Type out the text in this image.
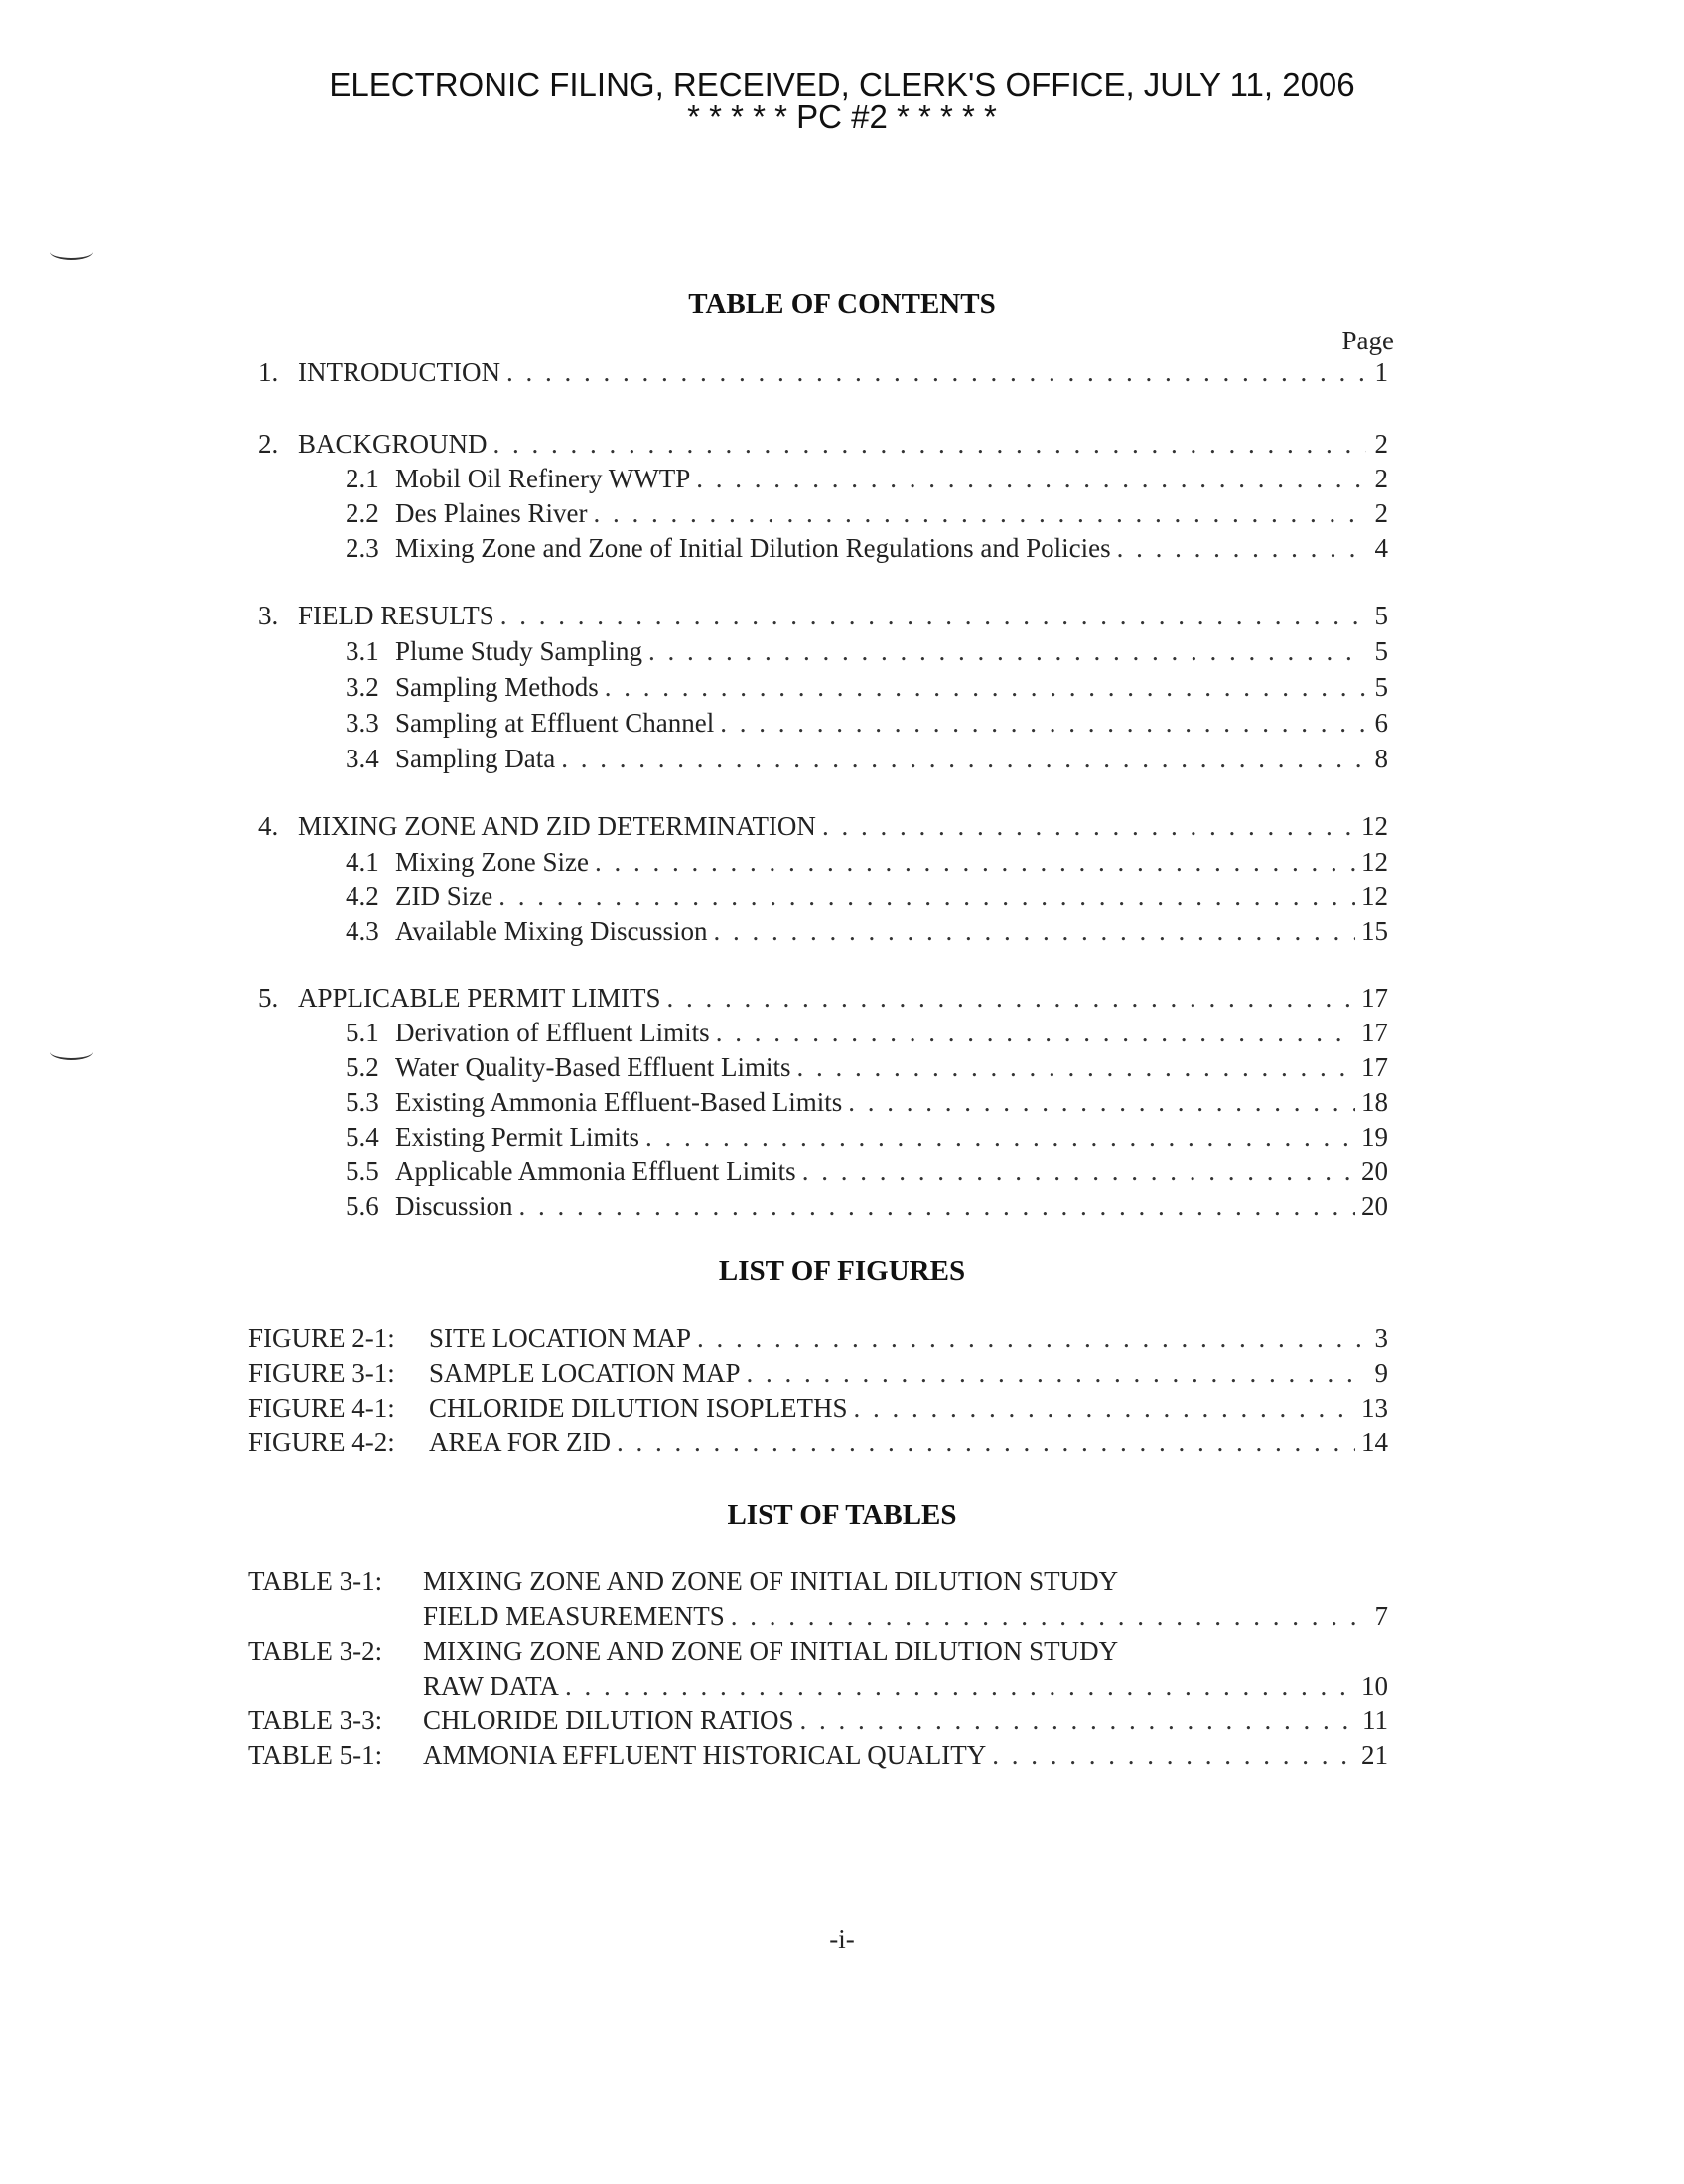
ELECTRONIC FILING, RECEIVED, CLERK'S OFFICE, JULY 11, 2006
* * * * * PC #2 * * * * *
TABLE OF CONTENTS
Page
1. INTRODUCTION . . .	1
2. BACKGROUND . . .	2
2.1 Mobil Oil Refinery WWTP . . .	2
2.2 Des Plaines River . . .	2
2.3 Mixing Zone and Zone of Initial Dilution Regulations and Policies . . .	4
3. FIELD RESULTS . . .	5
3.1 Plume Study Sampling . . .	5
3.2 Sampling Methods . . .	5
3.3 Sampling at Effluent Channel . . .	6
3.4 Sampling Data . . .	8
4. MIXING ZONE AND ZID DETERMINATION . . .	12
4.1 Mixing Zone Size . . .	12
4.2 ZID Size . . .	12
4.3 Available Mixing Discussion . . .	15
5. APPLICABLE PERMIT LIMITS . . .	17
5.1 Derivation of Effluent Limits . . .	17
5.2 Water Quality-Based Effluent Limits . . .	17
5.3 Existing Ammonia Effluent-Based Limits . . .	18
5.4 Existing Permit Limits . . .	19
5.5 Applicable Ammonia Effluent Limits . . .	20
5.6 Discussion . . .	20
LIST OF FIGURES
FIGURE 2-1:	SITE LOCATION MAP . . .	3
FIGURE 3-1:	SAMPLE LOCATION MAP . . .	9
FIGURE 4-1:	CHLORIDE DILUTION ISOPLETHS . . .	13
FIGURE 4-2:	AREA FOR ZID . . .	14
LIST OF TABLES
TABLE 3-1:	MIXING ZONE AND ZONE OF INITIAL DILUTION STUDY
FIELD MEASUREMENTS . . .	7
TABLE 3-2:	MIXING ZONE AND ZONE OF INITIAL DILUTION STUDY
RAW DATA . . .	10
TABLE 3-3:	CHLORIDE DILUTION RATIOS . . .	11
TABLE 5-1:	AMMONIA EFFLUENT HISTORICAL QUALITY . . .	21
-i-
